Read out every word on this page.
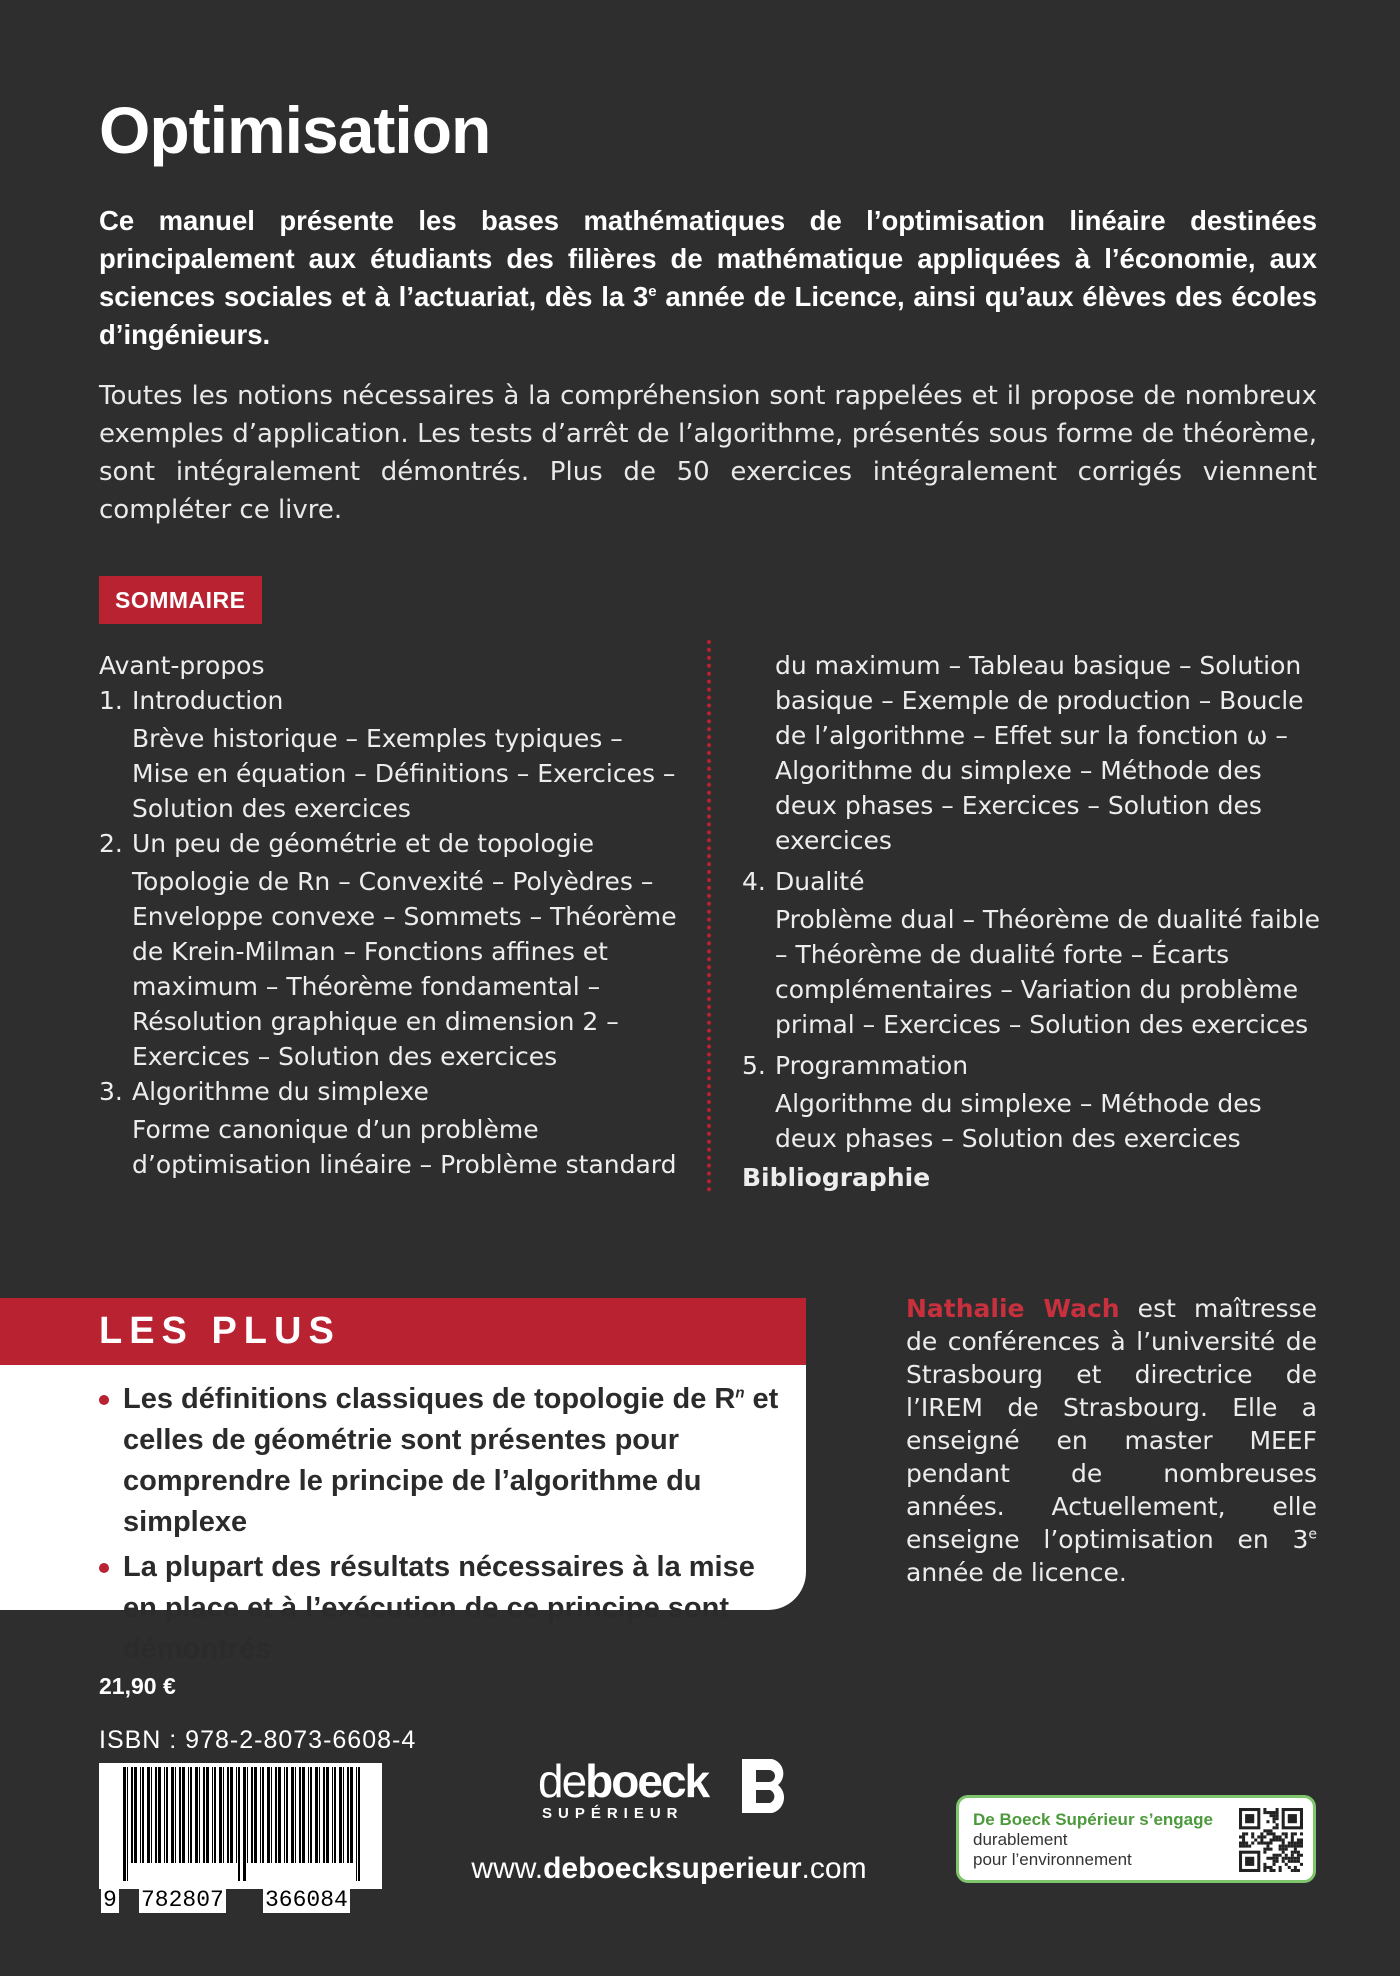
Optimisation

Ce manuel présente les bases mathématiques de l’optimisation linéaire destinées principalement aux étudiants des filières de mathématique appliquées à l’économie, aux sciences sociales et à l’actuariat, dès la 3e année de Licence, ainsi qu’aux élèves des écoles d’ingénieurs.

Toutes les notions nécessaires à la compréhension sont rappelées et il propose de nombreux exemples d’application. Les tests d’arrêt de l’algorithme, présentés sous forme de théorème, sont intégralement démontrés. Plus de 50 exercices intégralement corrigés viennent compléter ce livre.

SOMMAIRE
Avant-propos
1. Introduction
Brève historique – Exemples typiques – Mise en équation – Définitions – Exercices – Solution des exercices
2. Un peu de géométrie et de topologie
Topologie de Rn – Convexité – Polyèdres – Enveloppe convexe – Sommets – Théorème de Krein-Milman – Fonctions affines et maximum – Théorème fondamental – Résolution graphique en dimension 2 – Exercices – Solution des exercices
3. Algorithme du simplexe
Forme canonique d’un problème d’optimisation linéaire – Problème standard
du maximum – Tableau basique – Solution basique – Exemple de production – Boucle de l’algorithme – Effet sur la fonction ω – Algorithme du simplexe – Méthode des deux phases – Exercices – Solution des exercices
4. Dualité
Problème dual – Théorème de dualité faible – Théorème de dualité forte – Écarts complémentaires – Variation du problème primal – Exercices – Solution des exercices
5. Programmation
Algorithme du simplexe – Méthode des deux phases – Solution des exercices
Bibliographie
LES PLUS
Les définitions classiques de topologie de $R^n$ et celles de géométrie sont présentes pour comprendre le principe de l’algorithme du simplexe
La plupart des résultats nécessaires à la mise en place et à l’exécution de ce principe sont démontrés

Nathalie Wach est maîtresse de conférences à l’université de Strasbourg et directrice de l’IREM de Strasbourg. Elle a enseigné en master MEEF pendant de nombreuses années. Actuellement, elle enseigne l’optimisation en 3e année de licence.

21,90 €
ISBN : 978-2-8073-6608-4
9 782807 366084
deboeck
SUPÉRIEUR
www.deboecksuperieur.com
De Boeck Supérieur s’engage
durablement
pour l’environnement
